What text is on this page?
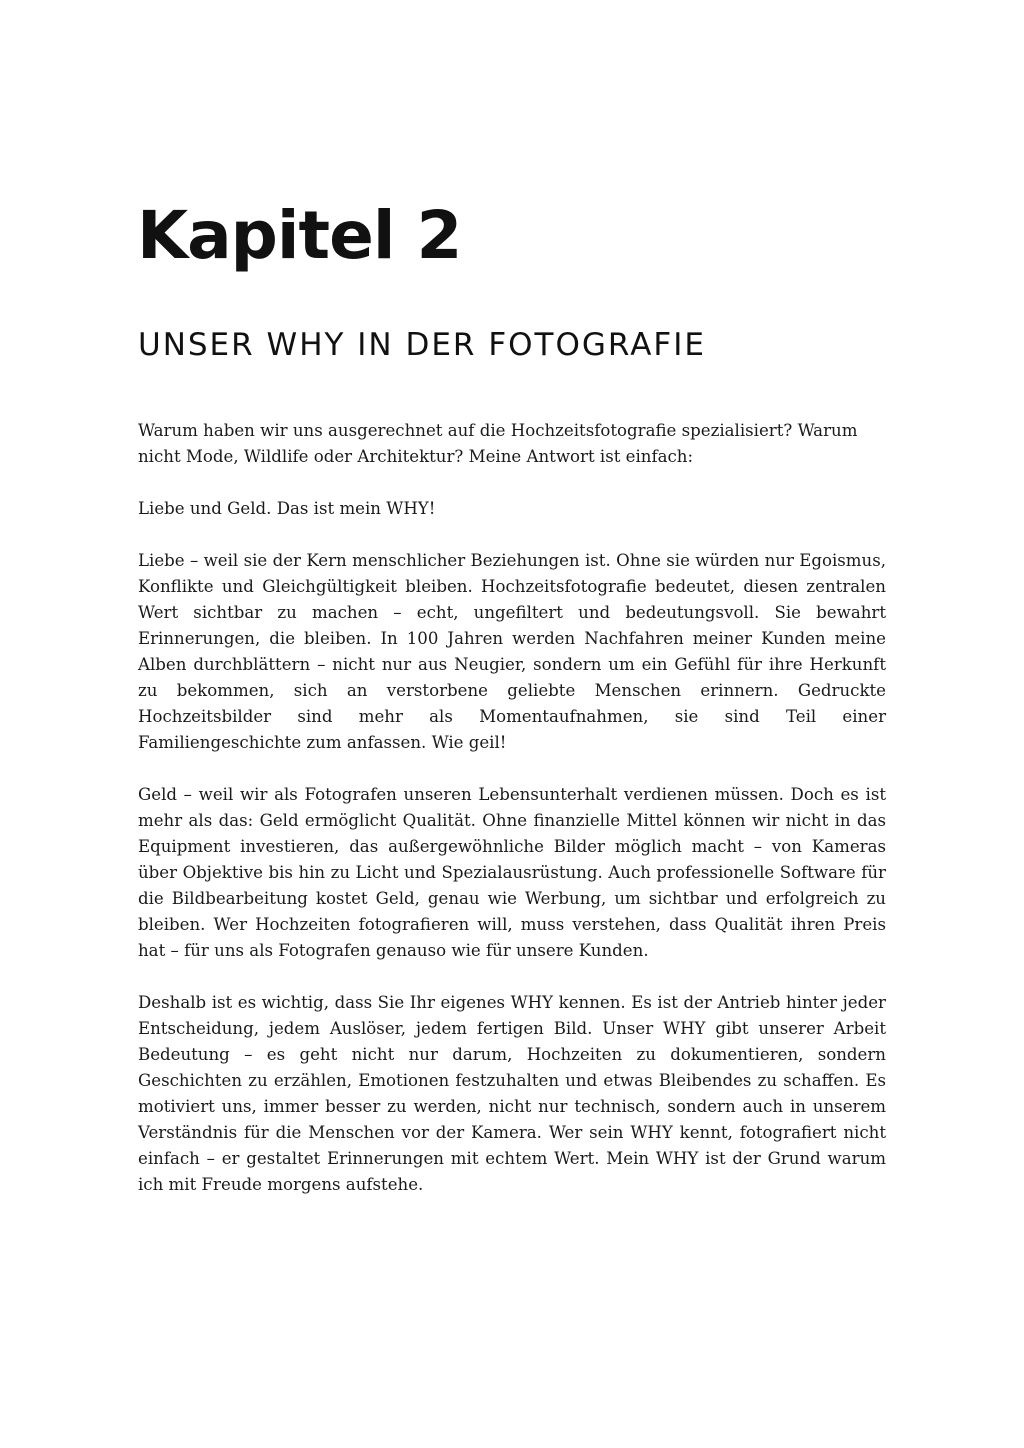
Kapitel 2
UNSER WHY IN DER FOTOGRAFIE

Warum haben wir uns ausgerechnet auf die Hochzeitsfotografie spezialisiert? Warum nicht Mode, Wildlife oder Architektur? Meine Antwort ist einfach:

Liebe und Geld. Das ist mein WHY!

Liebe – weil sie der Kern menschlicher Beziehungen ist. Ohne sie würden nur Egoismus, Konflikte und Gleichgültigkeit bleiben. Hochzeitsfotografie bedeutet, diesen zentralen Wert sichtbar zu machen – echt, ungefiltert und bedeutungsvoll. Sie bewahrt Erinnerungen, die bleiben. In 100 Jahren werden Nachfahren meiner Kunden meine Alben durchblättern – nicht nur aus Neugier, sondern um ein Gefühl für ihre Herkunft zu bekommen, sich an verstorbene geliebte Menschen erinnern. Gedruckte Hochzeitsbilder sind mehr als Momentaufnahmen, sie sind Teil einer Familiengeschichte zum anfassen. Wie geil!

Geld – weil wir als Fotografen unseren Lebensunterhalt verdienen müssen. Doch es ist mehr als das: Geld ermöglicht Qualität. Ohne finanzielle Mittel können wir nicht in das Equipment investieren, das außergewöhnliche Bilder möglich macht – von Kameras über Objektive bis hin zu Licht und Spezialausrüstung. Auch professionelle Software für die Bildbearbeitung kostet Geld, genau wie Werbung, um sichtbar und erfolgreich zu bleiben. Wer Hochzeiten fotografieren will, muss verstehen, dass Qualität ihren Preis hat – für uns als Fotografen genauso wie für unsere Kunden.

Deshalb ist es wichtig, dass Sie Ihr eigenes WHY kennen. Es ist der Antrieb hinter jeder Entscheidung, jedem Auslöser, jedem fertigen Bild. Unser WHY gibt unserer Arbeit Bedeutung – es geht nicht nur darum, Hochzeiten zu dokumentieren, sondern Geschichten zu erzählen, Emotionen festzuhalten und etwas Bleibendes zu schaffen. Es motiviert uns, immer besser zu werden, nicht nur technisch, sondern auch in unserem Verständnis für die Menschen vor der Kamera. Wer sein WHY kennt, fotografiert nicht einfach – er gestaltet Erinnerungen mit echtem Wert. Mein WHY ist der Grund warum ich mit Freude morgens aufstehe.
